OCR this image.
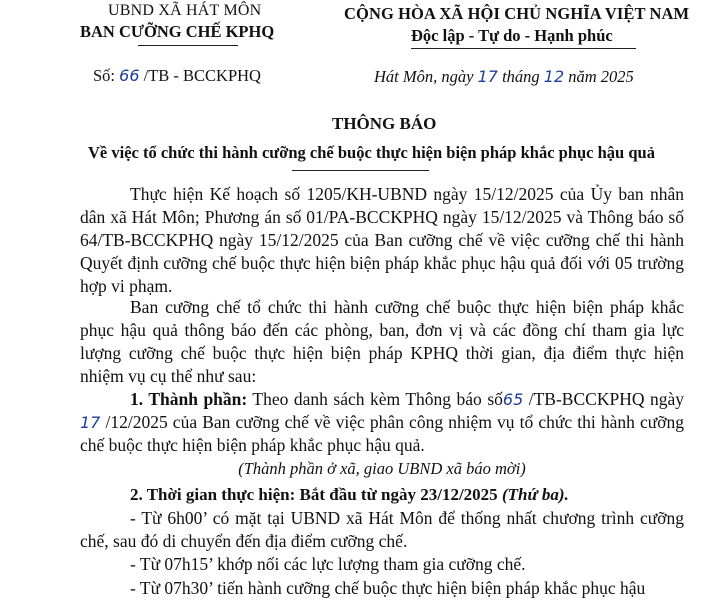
UBND XÃ HÁT MÔN
BAN CƯỠNG CHẾ KPHQ
CỘNG HÒA XÃ HỘI CHỦ NGHĨA VIỆT NAM
Độc lập - Tự do - Hạnh phúc
Số: 66 /TB - BCCKPHQ	Hát Môn, ngày 17 tháng 12 năm 2025
THÔNG BÁO
Về việc tổ chức thi hành cưỡng chế buộc thực hiện biện pháp khắc phục hậu quả
Thực hiện Kế hoạch số 1205/KH-UBND ngày 15/12/2025 của Ủy ban nhân dân xã Hát Môn; Phương án số 01/PA-BCCKPHQ ngày 15/12/2025 và Thông báo số 64/TB-BCCKPHQ ngày 15/12/2025 của Ban cưỡng chế về việc cưỡng chế thi hành Quyết định cưỡng chế buộc thực hiện biện pháp khắc phục hậu quả đối với 05 trường hợp vi phạm.
Ban cưỡng chế tổ chức thi hành cưỡng chế buộc thực hiện biện pháp khắc phục hậu quả thông báo đến các phòng, ban, đơn vị và các đồng chí tham gia lực lượng cưỡng chế buộc thực hiện biện pháp KPHQ thời gian, địa điểm thực hiện nhiệm vụ cụ thể như sau:
1. Thành phần: Theo danh sách kèm Thông báo số65 /TB-BCCKPHQ ngày 17 /12/2025 của Ban cưỡng chế về việc phân công nhiệm vụ tổ chức thi hành cưỡng chế buộc thực hiện biện pháp khắc phục hậu quả.
(Thành phần ở xã, giao UBND xã báo mời)
2. Thời gian thực hiện: Bắt đầu từ ngày 23/12/2025 (Thứ ba).
- Từ 6h00’ có mặt tại UBND xã Hát Môn để thống nhất chương trình cưỡng chế, sau đó di chuyển đến địa điểm cưỡng chế.
- Từ 07h15’ khớp nối các lực lượng tham gia cưỡng chế.
- Từ 07h30’ tiến hành cưỡng chế buộc thực hiện biện pháp khắc phục hậu
